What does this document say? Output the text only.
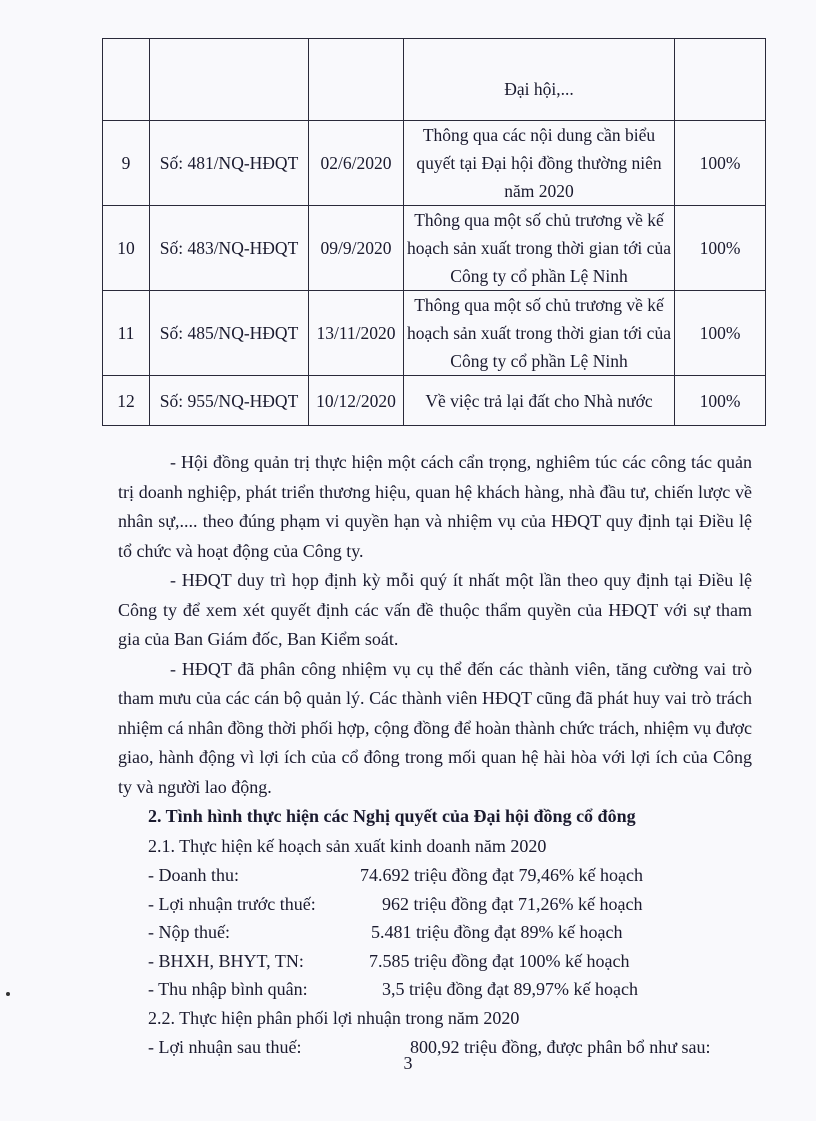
			Đại hội,...	
9	Số: 481/NQ-HĐQT	02/6/2020	Thông qua các nội dung cần biểu quyết tại Đại hội đồng thường niên năm 2020	100%
10	Số: 483/NQ-HĐQT	09/9/2020	Thông qua một số chủ trương về kế hoạch sản xuất trong thời gian tới của Công ty cổ phần Lệ Ninh	100%
11	Số: 485/NQ-HĐQT	13/11/2020	Thông qua một số chủ trương về kế hoạch sản xuất trong thời gian tới của Công ty cổ phần Lệ Ninh	100%
12	Số: 955/NQ-HĐQT	10/12/2020	Về việc trả lại đất cho Nhà nước	100%

- Hội đồng quản trị thực hiện một cách cẩn trọng, nghiêm túc các công tác quản trị doanh nghiệp, phát triển thương hiệu, quan hệ khách hàng, nhà đầu tư, chiến lược về nhân sự,.... theo đúng phạm vi quyền hạn và nhiệm vụ của HĐQT quy định tại Điều lệ tổ chức và hoạt động của Công ty.

- HĐQT duy trì họp định kỳ mỗi quý ít nhất một lần theo quy định tại Điều lệ Công ty để xem xét quyết định các vấn đề thuộc thẩm quyền của HĐQT với sự tham gia của Ban Giám đốc, Ban Kiểm soát.

- HĐQT đã phân công nhiệm vụ cụ thể đến các thành viên, tăng cường vai trò tham mưu của các cán bộ quản lý. Các thành viên HĐQT cũng đã phát huy vai trò trách nhiệm cá nhân đồng thời phối hợp, cộng đồng để hoàn thành chức trách, nhiệm vụ được giao, hành động vì lợi ích của cổ đông trong mối quan hệ hài hòa với lợi ích của Công ty và người lao động.

2. Tình hình thực hiện các Nghị quyết của Đại hội đồng cổ đông

2.1. Thực hiện kế hoạch sản xuất kinh doanh năm 2020

- Doanh thu:	74.692 triệu đồng đạt 79,46% kế hoạch
- Lợi nhuận trước thuế:	962 triệu đồng đạt 71,26% kế hoạch
- Nộp thuế:	5.481 triệu đồng đạt 89% kế hoạch
- BHXH, BHYT, TN:	7.585 triệu đồng đạt 100% kế hoạch
- Thu nhập bình quân:	3,5 triệu đồng đạt 89,97% kế hoạch

2.2. Thực hiện phân phối lợi nhuận trong năm 2020

- Lợi nhuận sau thuế:	800,92 triệu đồng, được phân bổ như sau:
3
